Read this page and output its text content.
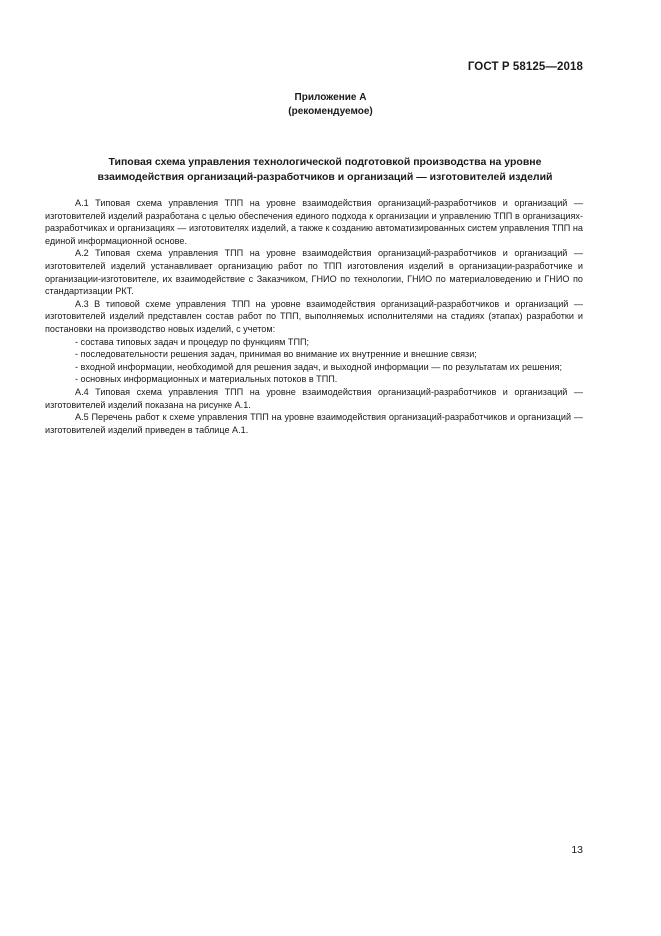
ГОСТ Р 58125—2018
Приложение А
(рекомендуемое)
Типовая схема управления технологической подготовкой производства на уровне
взаимодействия организаций-разработчиков и организаций — изготовителей изделий

А.1 Типовая схема управления ТПП на уровне взаимодействия организаций-разработчиков и организаций — изготовителей изделий разработана с целью обеспечения единого подхода к организации и управлению ТПП в организациях-разработчиках и организациях — изготовителях изделий, а также к созданию автоматизированных систем управления ТПП на единой информационной основе.

А.2 Типовая схема управления ТПП на уровне взаимодействия организаций-разработчиков и организаций — изготовителей изделий устанавливает организацию работ по ТПП изготовления изделий в организации-разработчике и организации-изготовителе, их взаимодействие с Заказчиком, ГНИО по технологии, ГНИО по материаловедению и ГНИО по стандартизации РКТ.

А.3 В типовой схеме управления ТПП на уровне взаимодействия организаций-разработчиков и организаций — изготовителей изделий представлен состав работ по ТПП, выполняемых исполнителями на стадиях (этапах) разработки и постановки на производство новых изделий, с учетом:

- состава типовых задач и процедур по функциям ТПП;

- последовательности решения задач, принимая во внимание их внутренние и внешние связи;

- входной информации, необходимой для решения задач, и выходной информации — по результатам их решения;

- основных информационных и материальных потоков в ТПП.

А.4 Типовая схема управления ТПП на уровне взаимодействия организаций-разработчиков и организаций — изготовителей изделий показана на рисунке А.1.

А.5 Перечень работ к схеме управления ТПП на уровне взаимодействия организаций-разработчиков и организаций — изготовителей изделий приведен в таблице А.1.

13
